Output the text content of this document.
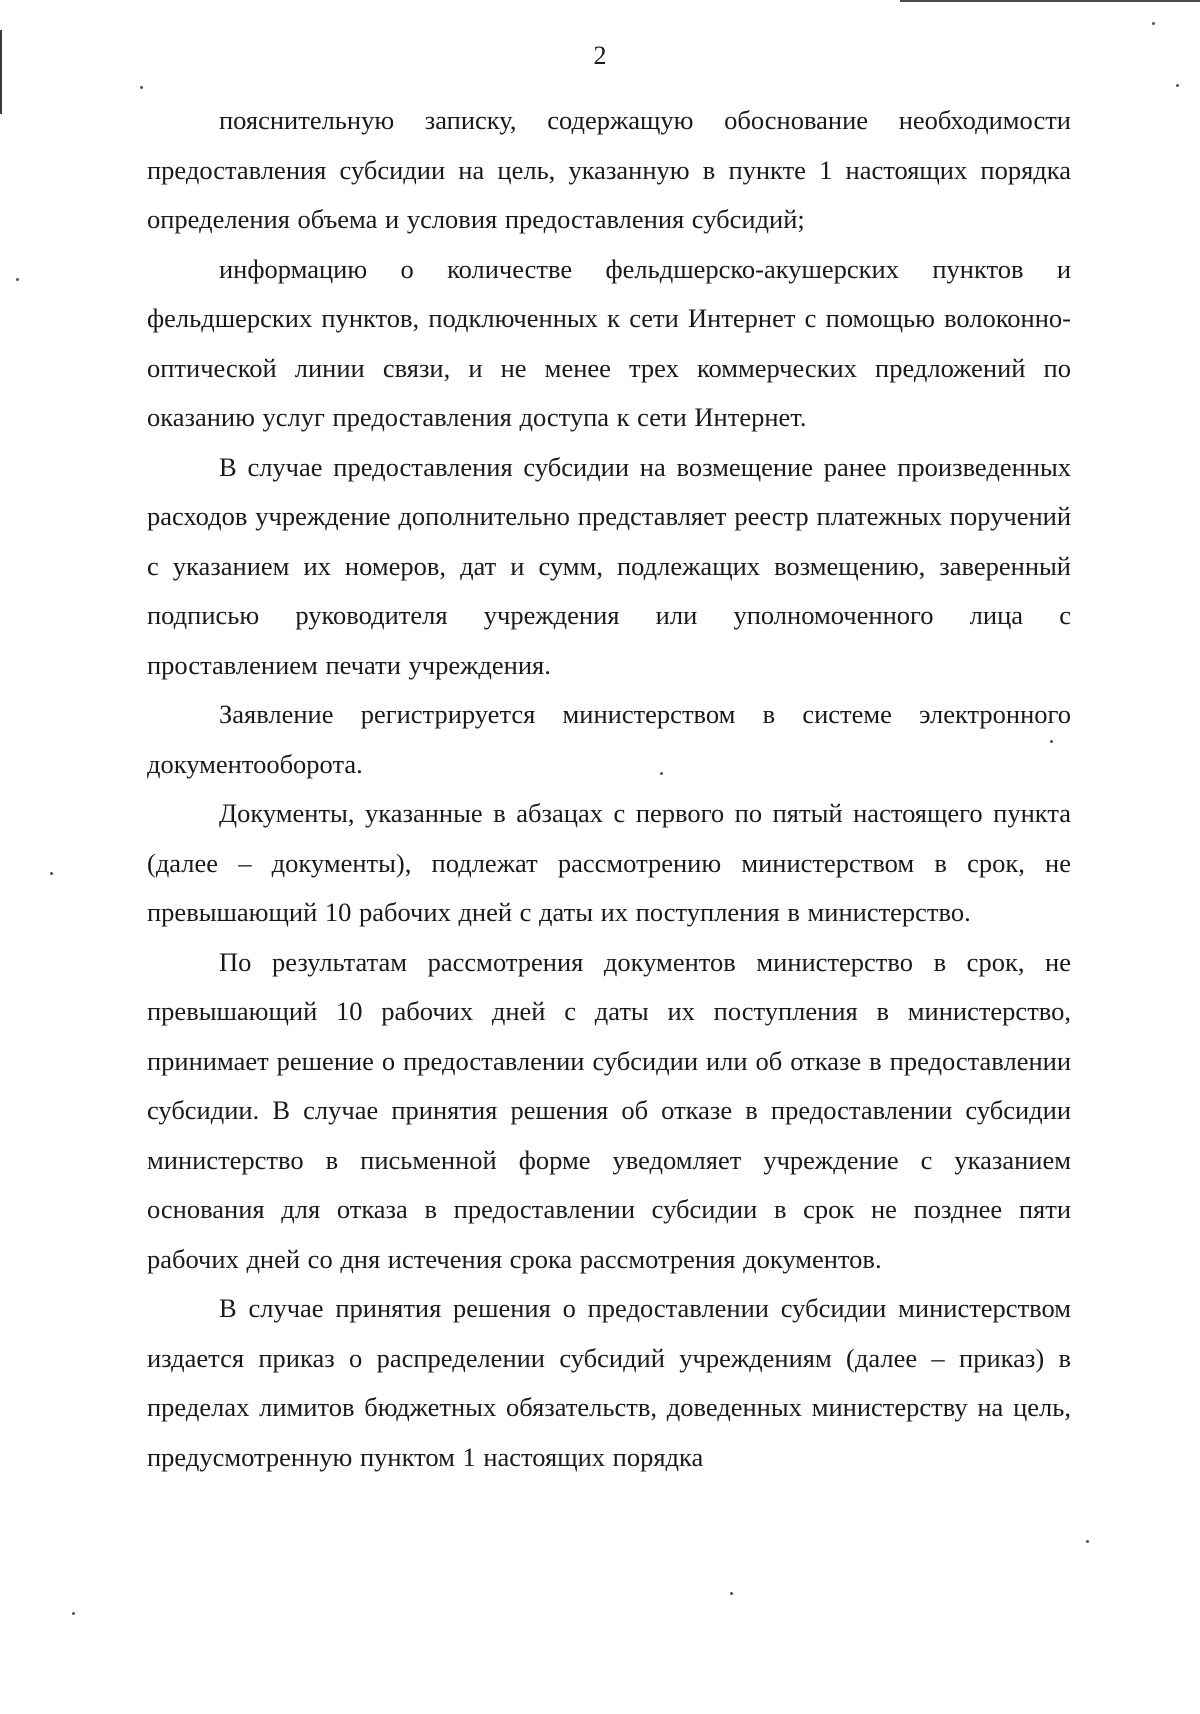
2

пояснительную записку, содержащую обоснование необходимости предоставления субсидии на цель, указанную в пункте 1 настоящих порядка определения объема и условия предоставления субсидий;

информацию о количестве фельдшерско-акушерских пунктов и фельдшерских пунктов, подключенных к сети Интернет с помощью волоконно-оптической линии связи, и не менее трех коммерческих предложений по оказанию услуг предоставления доступа к сети Интернет.

В случае предоставления субсидии на возмещение ранее произведенных расходов учреждение дополнительно представляет реестр платежных поручений с указанием их номеров, дат и сумм, подлежащих возмещению, заверенный подписью руководителя учреждения или уполномоченного лица с проставлением печати учреждения.

Заявление регистрируется министерством в системе электронного документооборота.

Документы, указанные в абзацах с первого по пятый настоящего пункта (далее – документы), подлежат рассмотрению министерством в срок, не превышающий 10 рабочих дней с даты их поступления в министерство.

По результатам рассмотрения документов министерство в срок, не превышающий 10 рабочих дней с даты их поступления в министерство, принимает решение о предоставлении субсидии или об отказе в предоставлении субсидии. В случае принятия решения об отказе в предоставлении субсидии министерство в письменной форме уведомляет учреждение с указанием основания для отказа в предоставлении субсидии в срок не позднее пяти рабочих дней со дня истечения срока рассмотрения документов.

В случае принятия решения о предоставлении субсидии министерством издается приказ о распределении субсидий учреждениям (далее – приказ) в пределах лимитов бюджетных обязательств, доведенных министерству на цель, предусмотренную пунктом 1 настоящих порядка
